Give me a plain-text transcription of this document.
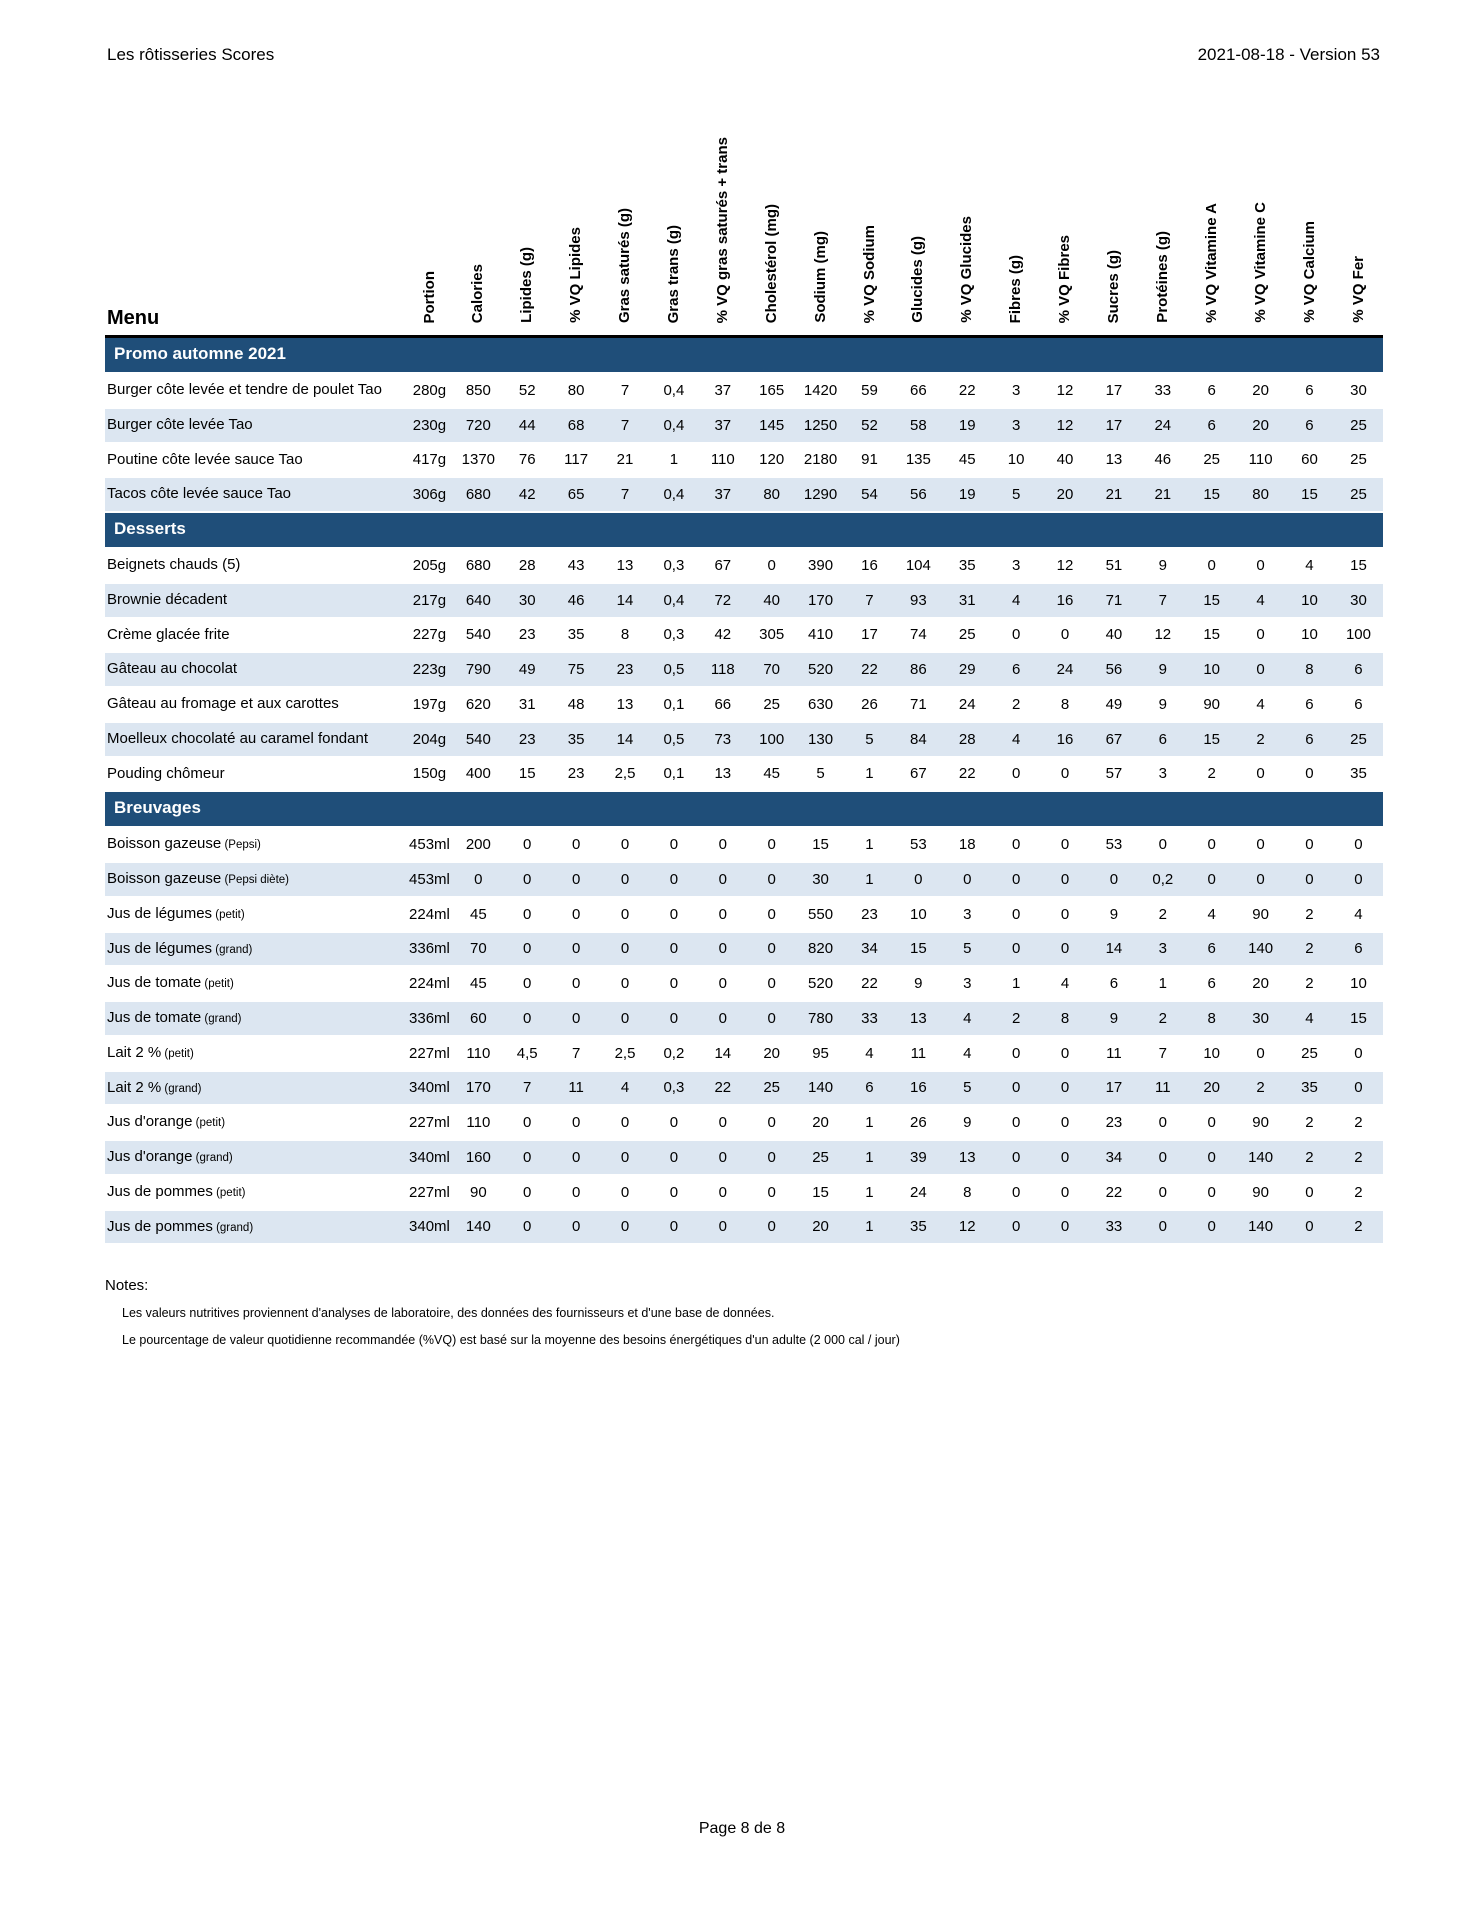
Les rôtisseries Scores	2021-08-18 - Version 53
Menu	Portion	Calories	Lipides (g)	% VQ Lipides	Gras saturés (g)	Gras trans (g)	% VQ gras saturés + trans	Cholestérol (mg)	Sodium (mg)	% VQ Sodium	Glucides (g)	% VQ Glucides	Fibres (g)	% VQ Fibres	Sucres (g)	Protéines (g)	% VQ Vitamine A	% VQ Vitamine C	% VQ Calcium	% VQ Fer
Promo automne 2021																				
Burger côte levée et tendre de poulet Tao	280g	850	52	80	7	0,4	37	165	1420	59	66	22	3	12	17	33	6	20	6	30
Burger côte levée Tao	230g	720	44	68	7	0,4	37	145	1250	52	58	19	3	12	17	24	6	20	6	25
Poutine côte levée sauce Tao	417g	1370	76	117	21	1	110	120	2180	91	135	45	10	40	13	46	25	110	60	25
Tacos côte levée sauce Tao	306g	680	42	65	7	0,4	37	80	1290	54	56	19	5	20	21	21	15	80	15	25
Desserts																				
Beignets chauds (5)	205g	680	28	43	13	0,3	67	0	390	16	104	35	3	12	51	9	0	0	4	15
Brownie décadent	217g	640	30	46	14	0,4	72	40	170	7	93	31	4	16	71	7	15	4	10	30
Crème glacée frite	227g	540	23	35	8	0,3	42	305	410	17	74	25	0	0	40	12	15	0	10	100
Gâteau au chocolat	223g	790	49	75	23	0,5	118	70	520	22	86	29	6	24	56	9	10	0	8	6
Gâteau au fromage et aux carottes	197g	620	31	48	13	0,1	66	25	630	26	71	24	2	8	49	9	90	4	6	6
Moelleux chocolaté au caramel fondant	204g	540	23	35	14	0,5	73	100	130	5	84	28	4	16	67	6	15	2	6	25
Pouding chômeur	150g	400	15	23	2,5	0,1	13	45	5	1	67	22	0	0	57	3	2	0	0	35
Breuvages																				
Boisson gazeuse (Pepsi)	453ml	200	0	0	0	0	0	0	15	1	53	18	0	0	53	0	0	0	0	0
Boisson gazeuse (Pepsi diète)	453ml	0	0	0	0	0	0	0	30	1	0	0	0	0	0	0,2	0	0	0	0
Jus de légumes (petit)	224ml	45	0	0	0	0	0	0	550	23	10	3	0	0	9	2	4	90	2	4
Jus de légumes (grand)	336ml	70	0	0	0	0	0	0	820	34	15	5	0	0	14	3	6	140	2	6
Jus de tomate (petit)	224ml	45	0	0	0	0	0	0	520	22	9	3	1	4	6	1	6	20	2	10
Jus de tomate (grand)	336ml	60	0	0	0	0	0	0	780	33	13	4	2	8	9	2	8	30	4	15
Lait 2 % (petit)	227ml	110	4,5	7	2,5	0,2	14	20	95	4	11	4	0	0	11	7	10	0	25	0
Lait 2 % (grand)	340ml	170	7	11	4	0,3	22	25	140	6	16	5	0	0	17	11	20	2	35	0
Jus d'orange (petit)	227ml	110	0	0	0	0	0	0	20	1	26	9	0	0	23	0	0	90	2	2
Jus d'orange (grand)	340ml	160	0	0	0	0	0	0	25	1	39	13	0	0	34	0	0	140	2	2
Jus de pommes (petit)	227ml	90	0	0	0	0	0	0	15	1	24	8	0	0	22	0	0	90	0	2
Jus de pommes (grand)	340ml	140	0	0	0	0	0	0	20	1	35	12	0	0	33	0	0	140	0	2
Notes:
Les valeurs nutritives proviennent d'analyses de laboratoire, des données des fournisseurs et d'une base de données.
Le pourcentage de valeur quotidienne recommandée (%VQ) est basé sur la moyenne des besoins énergétiques d'un adulte (2 000 cal / jour)
Page 8 de 8
